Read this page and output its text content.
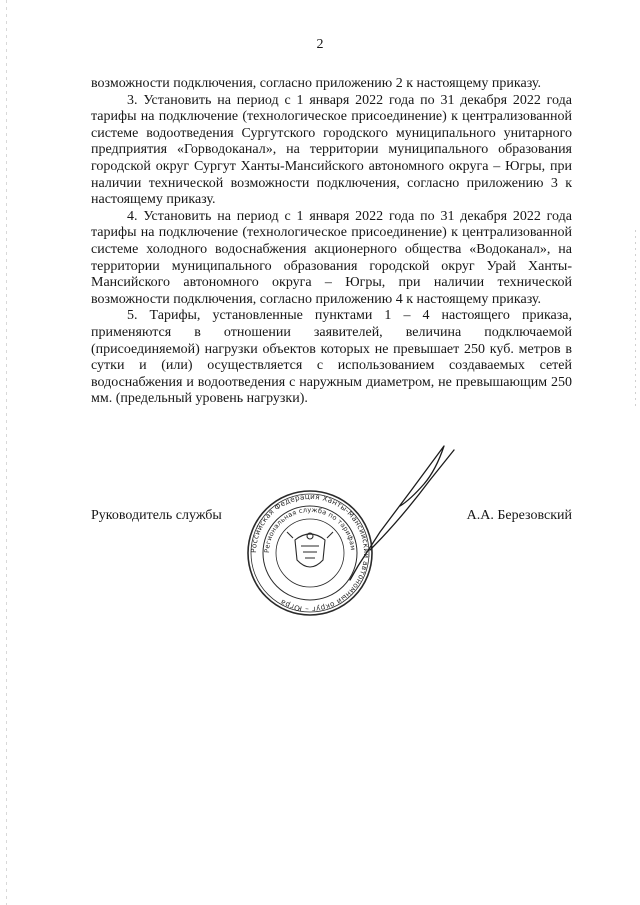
2

возможности подключения, согласно приложению 2 к настоящему приказу.

3. Установить на период с 1 января 2022 года по 31 декабря 2022 года тарифы на подключение (технологическое присоединение) к централизованной системе водоотведения Сургутского городского муниципального унитарного предприятия «Горводоканал», на территории муниципального образования городской округ Сургут Ханты-Мансийского автономного округа – Югры, при наличии технической возможности подключения, согласно приложению 3 к настоящему приказу.

4. Установить на период с 1 января 2022 года по 31 декабря 2022 года тарифы на подключение (технологическое присоединение) к централизованной системе холодного водоснабжения акционерного общества «Водоканал», на территории муниципального образования городской округ Урай Ханты-Мансийского автономного округа – Югры, при наличии технической возможности подключения, согласно приложению 4 к настоящему приказу.

5. Тарифы, установленные пунктами 1 – 4 настоящего приказа, применяются в отношении заявителей, величина подключаемой (присоединяемой) нагрузки объектов которых не превышает 250 куб. метров в сутки и (или) осуществляется с использованием создаваемых сетей водоснабжения и водоотведения с наружным диаметром, не превышающим 250 мм. (предельный уровень нагрузки).

Руководитель службы	А.А. Березовский
Российская Федерация Ханты-Мансийский автономный округ – Югра
Региональная служба по тарифам
